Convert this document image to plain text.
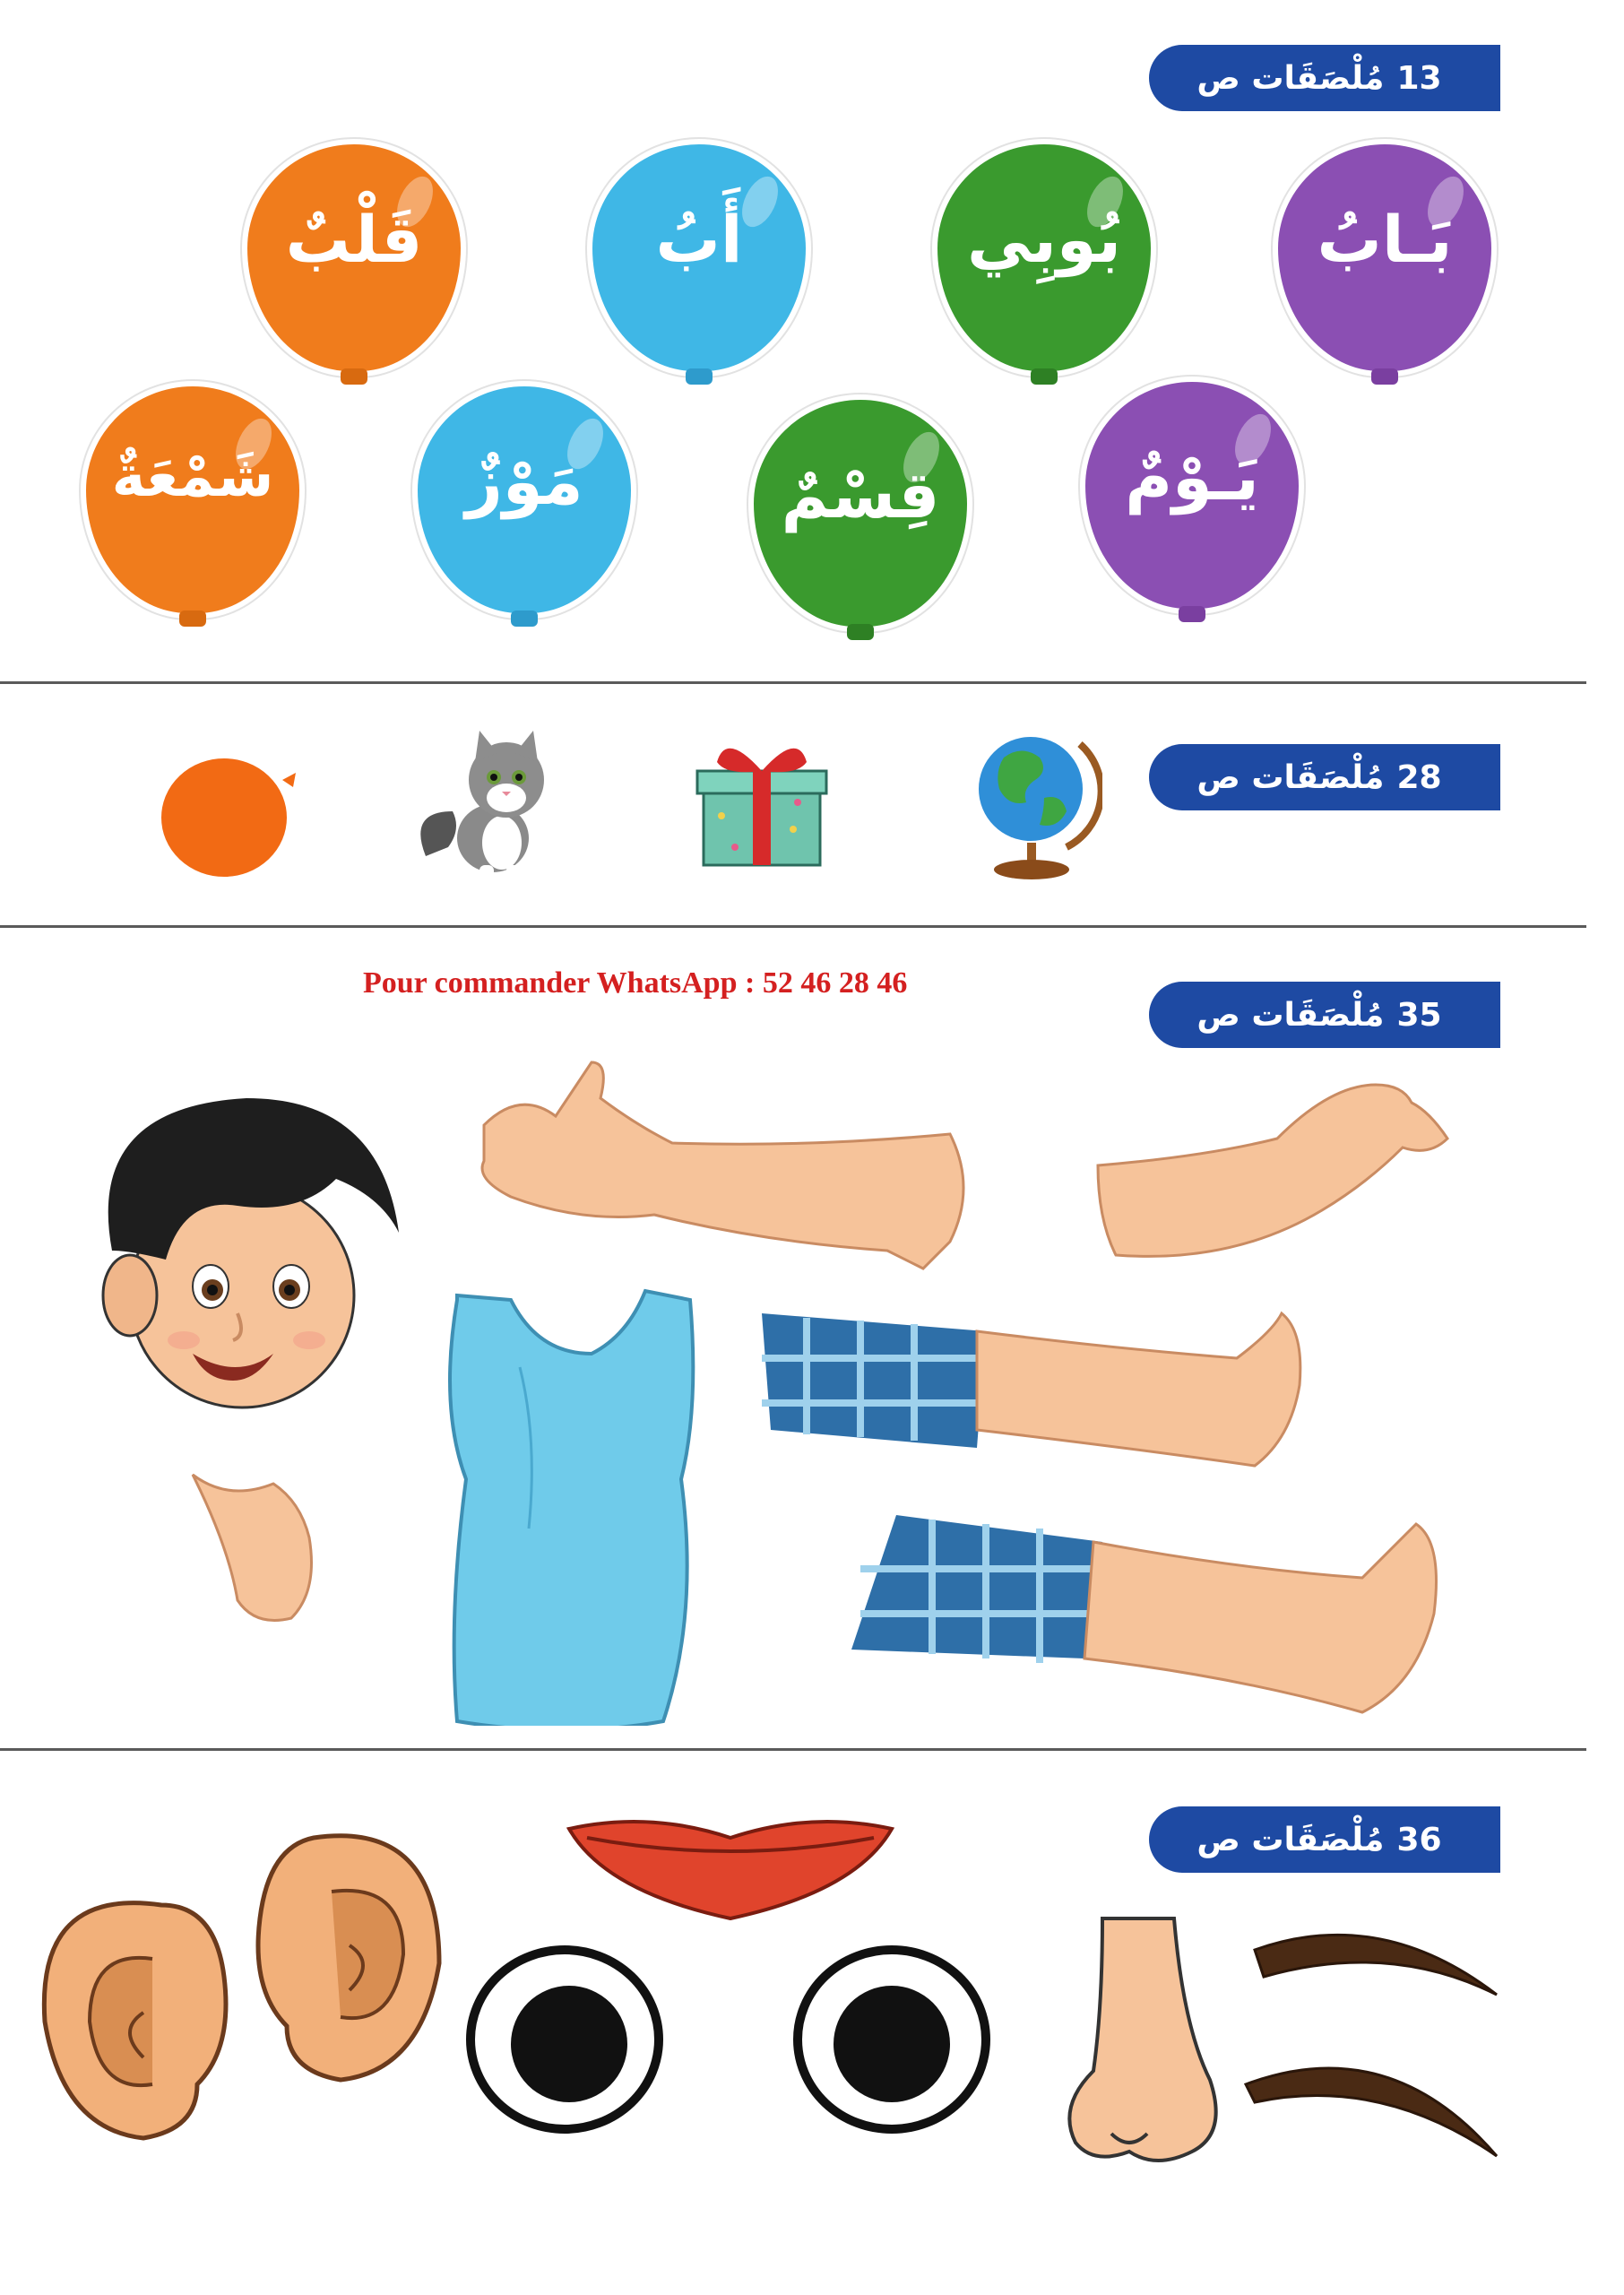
مُلْصَقَات ص 13
بَـابُ
بُوبِي
أَبُ
قَلْبٌ
يَـوْمٌ
قِسْمٌ
مَوْزٌ
شَمْعَةٌ
مُلْصَقَات ص 28
Pour commander WhatsApp : 52 46 28 46
مُلْصَقَات ص 35
مُلْصَقَات ص 36
